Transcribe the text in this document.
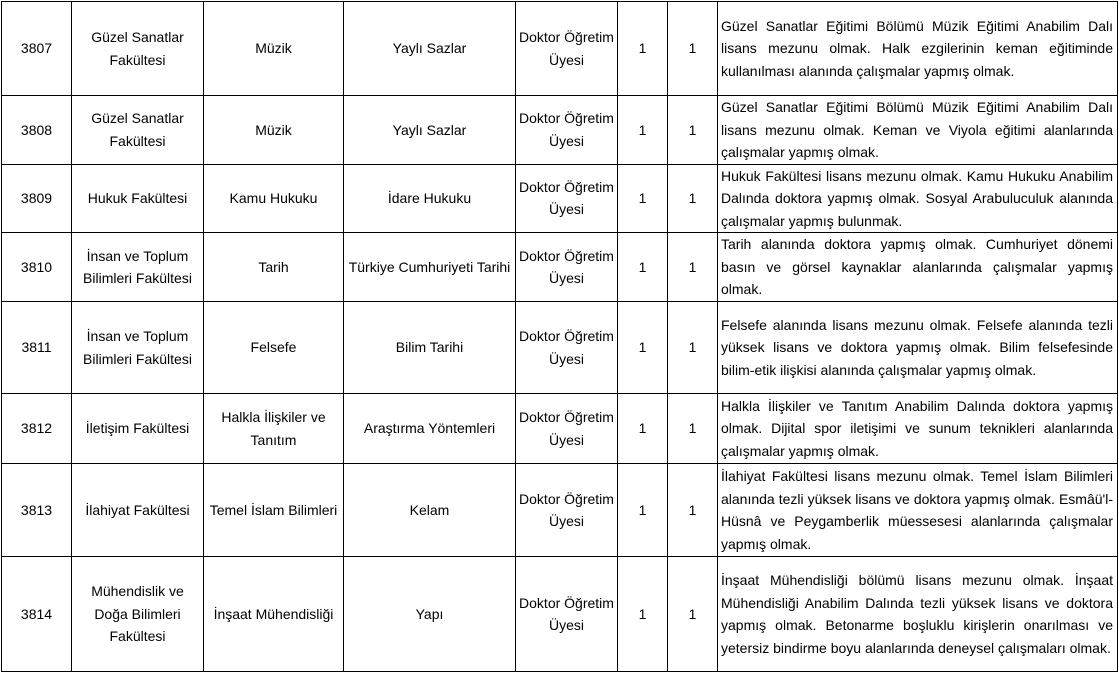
3807	Güzel Sanatlar Fakültesi	Müzik	Yaylı Sazlar	Doktor Öğretim Üyesi	1	1	Güzel Sanatlar Eğitimi Bölümü Müzik Eğitimi Anabilim Dalı lisans mezunu olmak. Halk ezgilerinin keman eğitiminde kullanılması alanında çalışmalar yapmış olmak.
3808	Güzel Sanatlar Fakültesi	Müzik	Yaylı Sazlar	Doktor Öğretim Üyesi	1	1	Güzel Sanatlar Eğitimi Bölümü Müzik Eğitimi Anabilim Dalı lisans mezunu olmak. Keman ve Viyola eğitimi alanlarında çalışmalar yapmış olmak.
3809	Hukuk Fakültesi	Kamu Hukuku	İdare Hukuku	Doktor Öğretim Üyesi	1	1	Hukuk Fakültesi lisans mezunu olmak. Kamu Hukuku Anabilim Dalında doktora yapmış olmak. Sosyal Arabuluculuk alanında çalışmalar yapmış bulunmak.
3810	İnsan ve Toplum Bilimleri Fakültesi	Tarih	Türkiye Cumhuriyeti Tarihi	Doktor Öğretim Üyesi	1	1	Tarih alanında doktora yapmış olmak. Cumhuriyet dönemi basın ve görsel kaynaklar alanlarında çalışmalar yapmış olmak.
3811	İnsan ve Toplum Bilimleri Fakültesi	Felsefe	Bilim Tarihi	Doktor Öğretim Üyesi	1	1	Felsefe alanında lisans mezunu olmak. Felsefe alanında tezli yüksek lisans ve doktora yapmış olmak. Bilim felsefesinde bilim-etik ilişkisi alanında çalışmalar yapmış olmak.
3812	İletişim Fakültesi	Halkla İlişkiler ve Tanıtım	Araştırma Yöntemleri	Doktor Öğretim Üyesi	1	1	Halkla İlişkiler ve Tanıtım Anabilim Dalında doktora yapmış olmak. Dijital spor iletişimi ve sunum teknikleri alanlarında çalışmalar yapmış olmak.
3813	İlahiyat Fakültesi	Temel İslam Bilimleri	Kelam	Doktor Öğretim Üyesi	1	1	İlahiyat Fakültesi lisans mezunu olmak. Temel İslam Bilimleri alanında tezli yüksek lisans ve doktora yapmış olmak. Esmâü'l- Hüsnâ ve Peygamberlik müessesesi alanlarında çalışmalar yapmış olmak.
3814	Mühendislik ve Doğa Bilimleri Fakültesi	İnşaat Mühendisliği	Yapı	Doktor Öğretim Üyesi	1	1	İnşaat Mühendisliği bölümü lisans mezunu olmak. İnşaat Mühendisliği Anabilim Dalında tezli yüksek lisans ve doktora yapmış olmak. Betonarme boşluklu kirişlerin onarılması ve yetersiz bindirme boyu alanlarında deneysel çalışmaları olmak.
